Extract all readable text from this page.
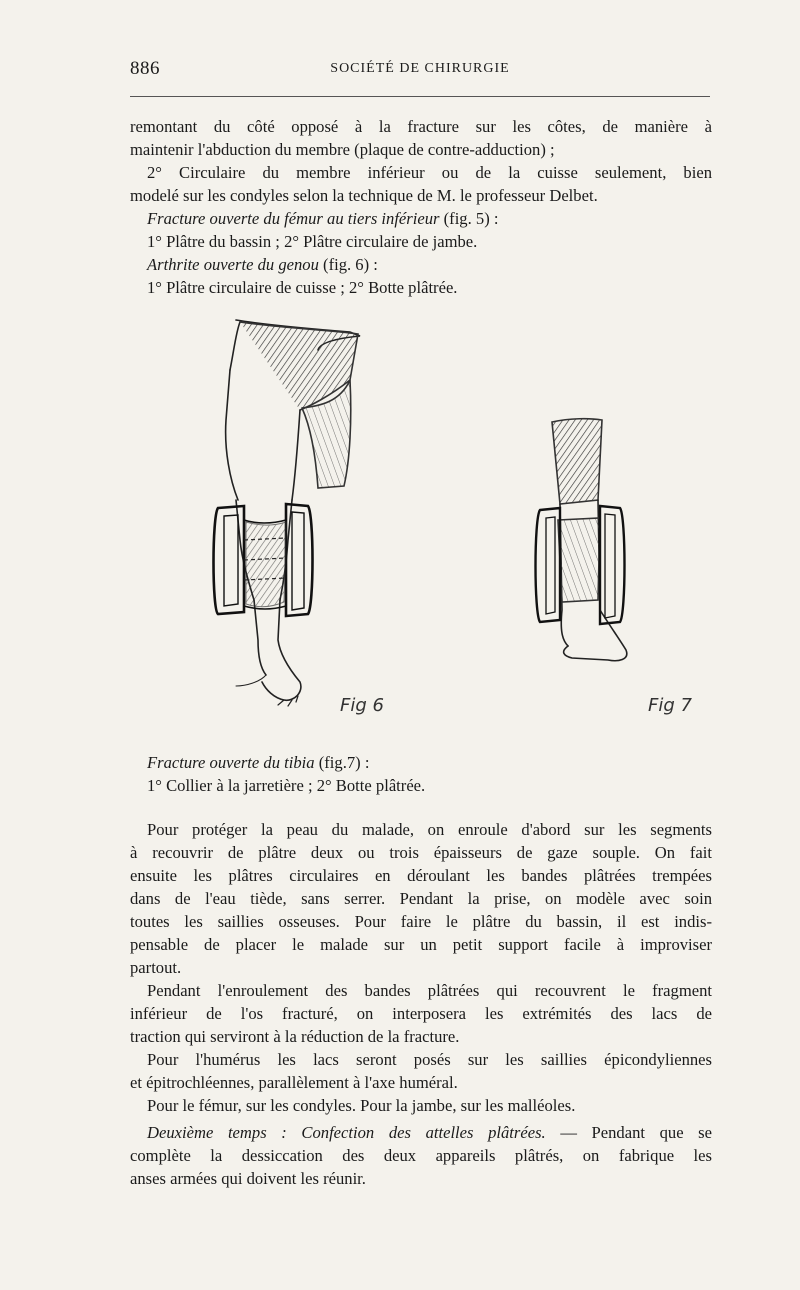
886	SOCIÉTÉ DE CHIRURGIE

remontant du côté opposé à la fracture sur les côtes, de manière à

maintenir l'abduction du membre (plaque de contre-adduction) ;

2° Circulaire du membre inférieur ou de la cuisse seulement, bien

modelé sur les condyles selon la technique de M. le professeur Delbet.

Fracture ouverte du fémur au tiers inférieur (fig. 5) :

1° Plâtre du bassin ; 2° Plâtre circulaire de jambe.

Arthrite ouverte du genou (fig. 6) :

1° Plâtre circulaire de cuisse ; 2° Botte plâtrée.

Fig 6	Fig 7

Fracture ouverte du tibia (fig.7) :

1° Collier à la jarretière ; 2° Botte plâtrée.

Pour protéger la peau du malade, on enroule d'abord sur les segments

à recouvrir de plâtre deux ou trois épaisseurs de gaze souple. On fait

ensuite les plâtres circulaires en déroulant les bandes plâtrées trempées

dans de l'eau tiède, sans serrer. Pendant la prise, on modèle avec soin

toutes les saillies osseuses. Pour faire le plâtre du bassin, il est indis-

pensable de placer le malade sur un petit support facile à improviser

partout.

Pendant l'enroulement des bandes plâtrées qui recouvrent le fragment

inférieur de l'os fracturé, on interposera les extrémités des lacs de

traction qui serviront à la réduction de la fracture.

Pour l'humérus les lacs seront posés sur les saillies épicondyliennes

et épitrochléennes, parallèlement à l'axe huméral.

Pour le fémur, sur les condyles. Pour la jambe, sur les malléoles.

Deuxième temps : Confection des attelles plâtrées. — Pendant que se

complète la dessiccation des deux appareils plâtrés, on fabrique les

anses armées qui doivent les réunir.
